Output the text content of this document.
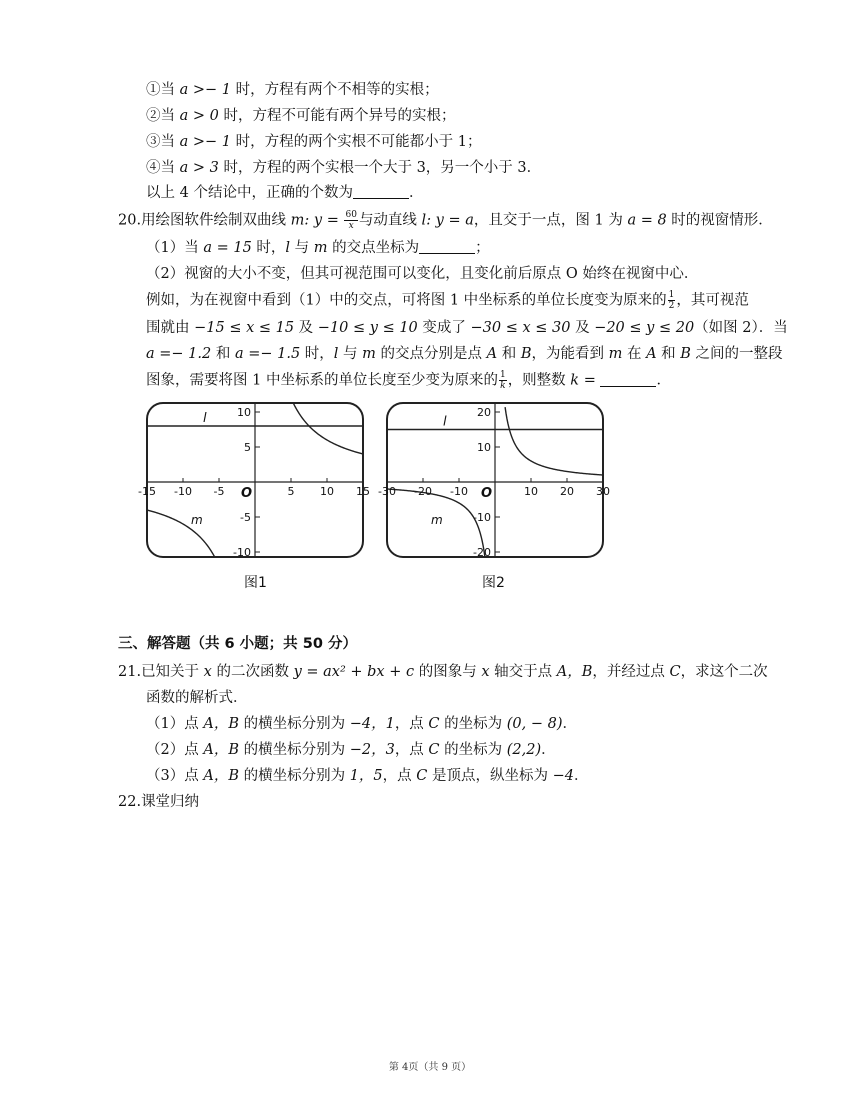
①当 a >− 1 时，方程有两个不相等的实根；
②当 a > 0 时，方程不可能有两个异号的实根；
③当 a >− 1 时，方程的两个实根不可能都小于 1；
④当 a > 3 时，方程的两个实根一个大于 3，另一个小于 3．
以上 4 个结论中，正确的个数为	．
20.用绘图软件绘制双曲线 m: $y = \frac{60}{x}$ 与动直线 l: y = a，且交于一点，图 1 为 a = 8 时的视窗情形．
（1）当 a = 15 时，l 与 m 的交点坐标为	；
（2）视窗的大小不变，但其可视范围可以变化，且变化前后原点 O 始终在视窗中心．
例如，为在视窗中看到（1）中的交点，可将图 1 中坐标系的单位长度变为原来的 $\frac{1}{2}$ ，其可视范
围就由 −15 ≤ x ≤ 15 及 −10 ≤ y ≤ 10 变成了 −30 ≤ x ≤ 30 及 −20 ≤ y ≤ 20（如图 2）．当
a =− 1.2 和 a =− 1.5 时，l 与 m 的交点分别是点 A 和 B，为能看到 m 在 A 和 B 之间的一整段
图象，需要将图 1 中坐标系的单位长度至少变为原来的 $\frac{1}{k}$ ，则整数 k =	．
-15 -10 -5	5 10 15
10
5
-5
-10
O
l
m
图1
-30 -20 -10	10 20 30
20
10
-10
-20
O
l
m
图2
三、解答题（共 6 小题；共 50 分）
21.已知关于 x 的二次函数 y = ax² + bx + c 的图象与 x 轴交于点 A，B，并经过点 C，求这个二次
函数的解析式．
（1）点 A，B 的横坐标分别为 −4，1，点 C 的坐标为 (0, − 8)．
（2）点 A，B 的横坐标分别为 −2，3，点 C 的坐标为 (2,2)．
（3）点 A，B 的横坐标分别为 1，5，点 C 是顶点，纵坐标为 −4．
22.课堂归纳
第 4页（共 9 页）
